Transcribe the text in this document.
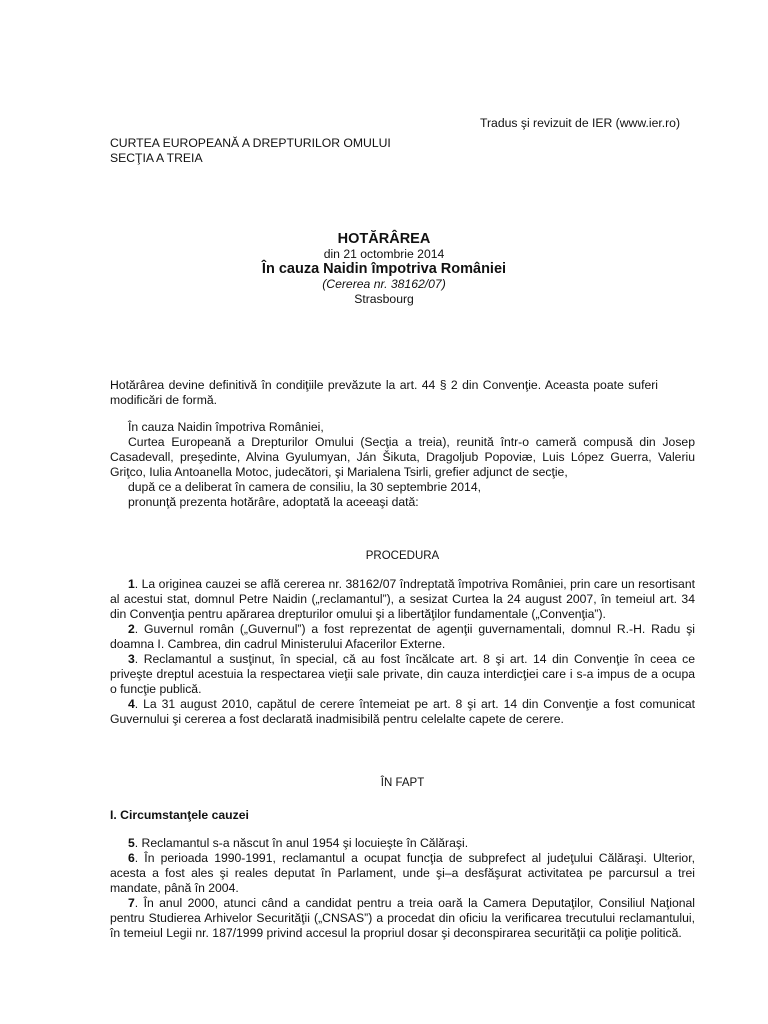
Tradus şi revizuit de IER (www.ier.ro)
CURTEA EUROPEANĂ A DREPTURILOR OMULUI
SECŢIA A TREIA
HOTĂRÂREA
din 21 octombrie 2014
În cauza Naidin împotriva României
(Cererea nr. 38162/07)
Strasbourg
Hotărârea devine definitivă în condiţiile prevăzute la art. 44 § 2 din Convenţie. Aceasta poate suferi modificări de formă.

În cauza Naidin împotriva României,

Curtea Europeană a Drepturilor Omului (Secţia a treia), reunită într-o cameră compusă din Josep Casadevall, preşedinte, Alvina Gyulumyan, Ján Šikuta, Dragoljub Popoviæ, Luis López Guerra, Valeriu Griţco, Iulia Antoanella Motoc, judecători, şi Marialena Tsirli, grefier adjunct de secţie,

după ce a deliberat în camera de consiliu, la 30 septembrie 2014,

pronunţă prezenta hotărâre, adoptată la aceeaşi dată:

PROCEDURA

1. La originea cauzei se află cererea nr. 38162/07 îndreptată împotriva României, prin care un resortisant al acestui stat, domnul Petre Naidin („reclamantul”), a sesizat Curtea la 24 august 2007, în temeiul art. 34 din Convenţia pentru apărarea drepturilor omului şi a libertăţilor fundamentale („Convenţia”).

2. Guvernul român („Guvernul”) a fost reprezentat de agenţii guvernamentali, domnul R.-H. Radu şi doamna I. Cambrea, din cadrul Ministerului Afacerilor Externe.

3. Reclamantul a susţinut, în special, că au fost încălcate art. 8 şi art. 14 din Convenţie în ceea ce priveşte dreptul acestuia la respectarea vieţii sale private, din cauza interdicţiei care i s-a impus de a ocupa o funcţie publică.

4. La 31 august 2010, capătul de cerere întemeiat pe art. 8 şi art. 14 din Convenţie a fost comunicat Guvernului şi cererea a fost declarată inadmisibilă pentru celelalte capete de cerere.

ÎN FAPT
I. Circumstanţele cauzei

5. Reclamantul s-a născut în anul 1954 şi locuieşte în Călăraşi.

6. În perioada 1990-1991, reclamantul a ocupat funcţia de subprefect al judeţului Călăraşi. Ulterior, acesta a fost ales şi reales deputat în Parlament, unde şi–a desfăşurat activitatea pe parcursul a trei mandate, până în 2004.

7. În anul 2000, atunci când a candidat pentru a treia oară la Camera Deputaţilor, Consiliul Naţional pentru Studierea Arhivelor Securităţii („CNSAS”) a procedat din oficiu la verificarea trecutului reclamantului, în temeiul Legii nr. 187/1999 privind accesul la propriul dosar şi deconspirarea securităţii ca poliţie politică.
